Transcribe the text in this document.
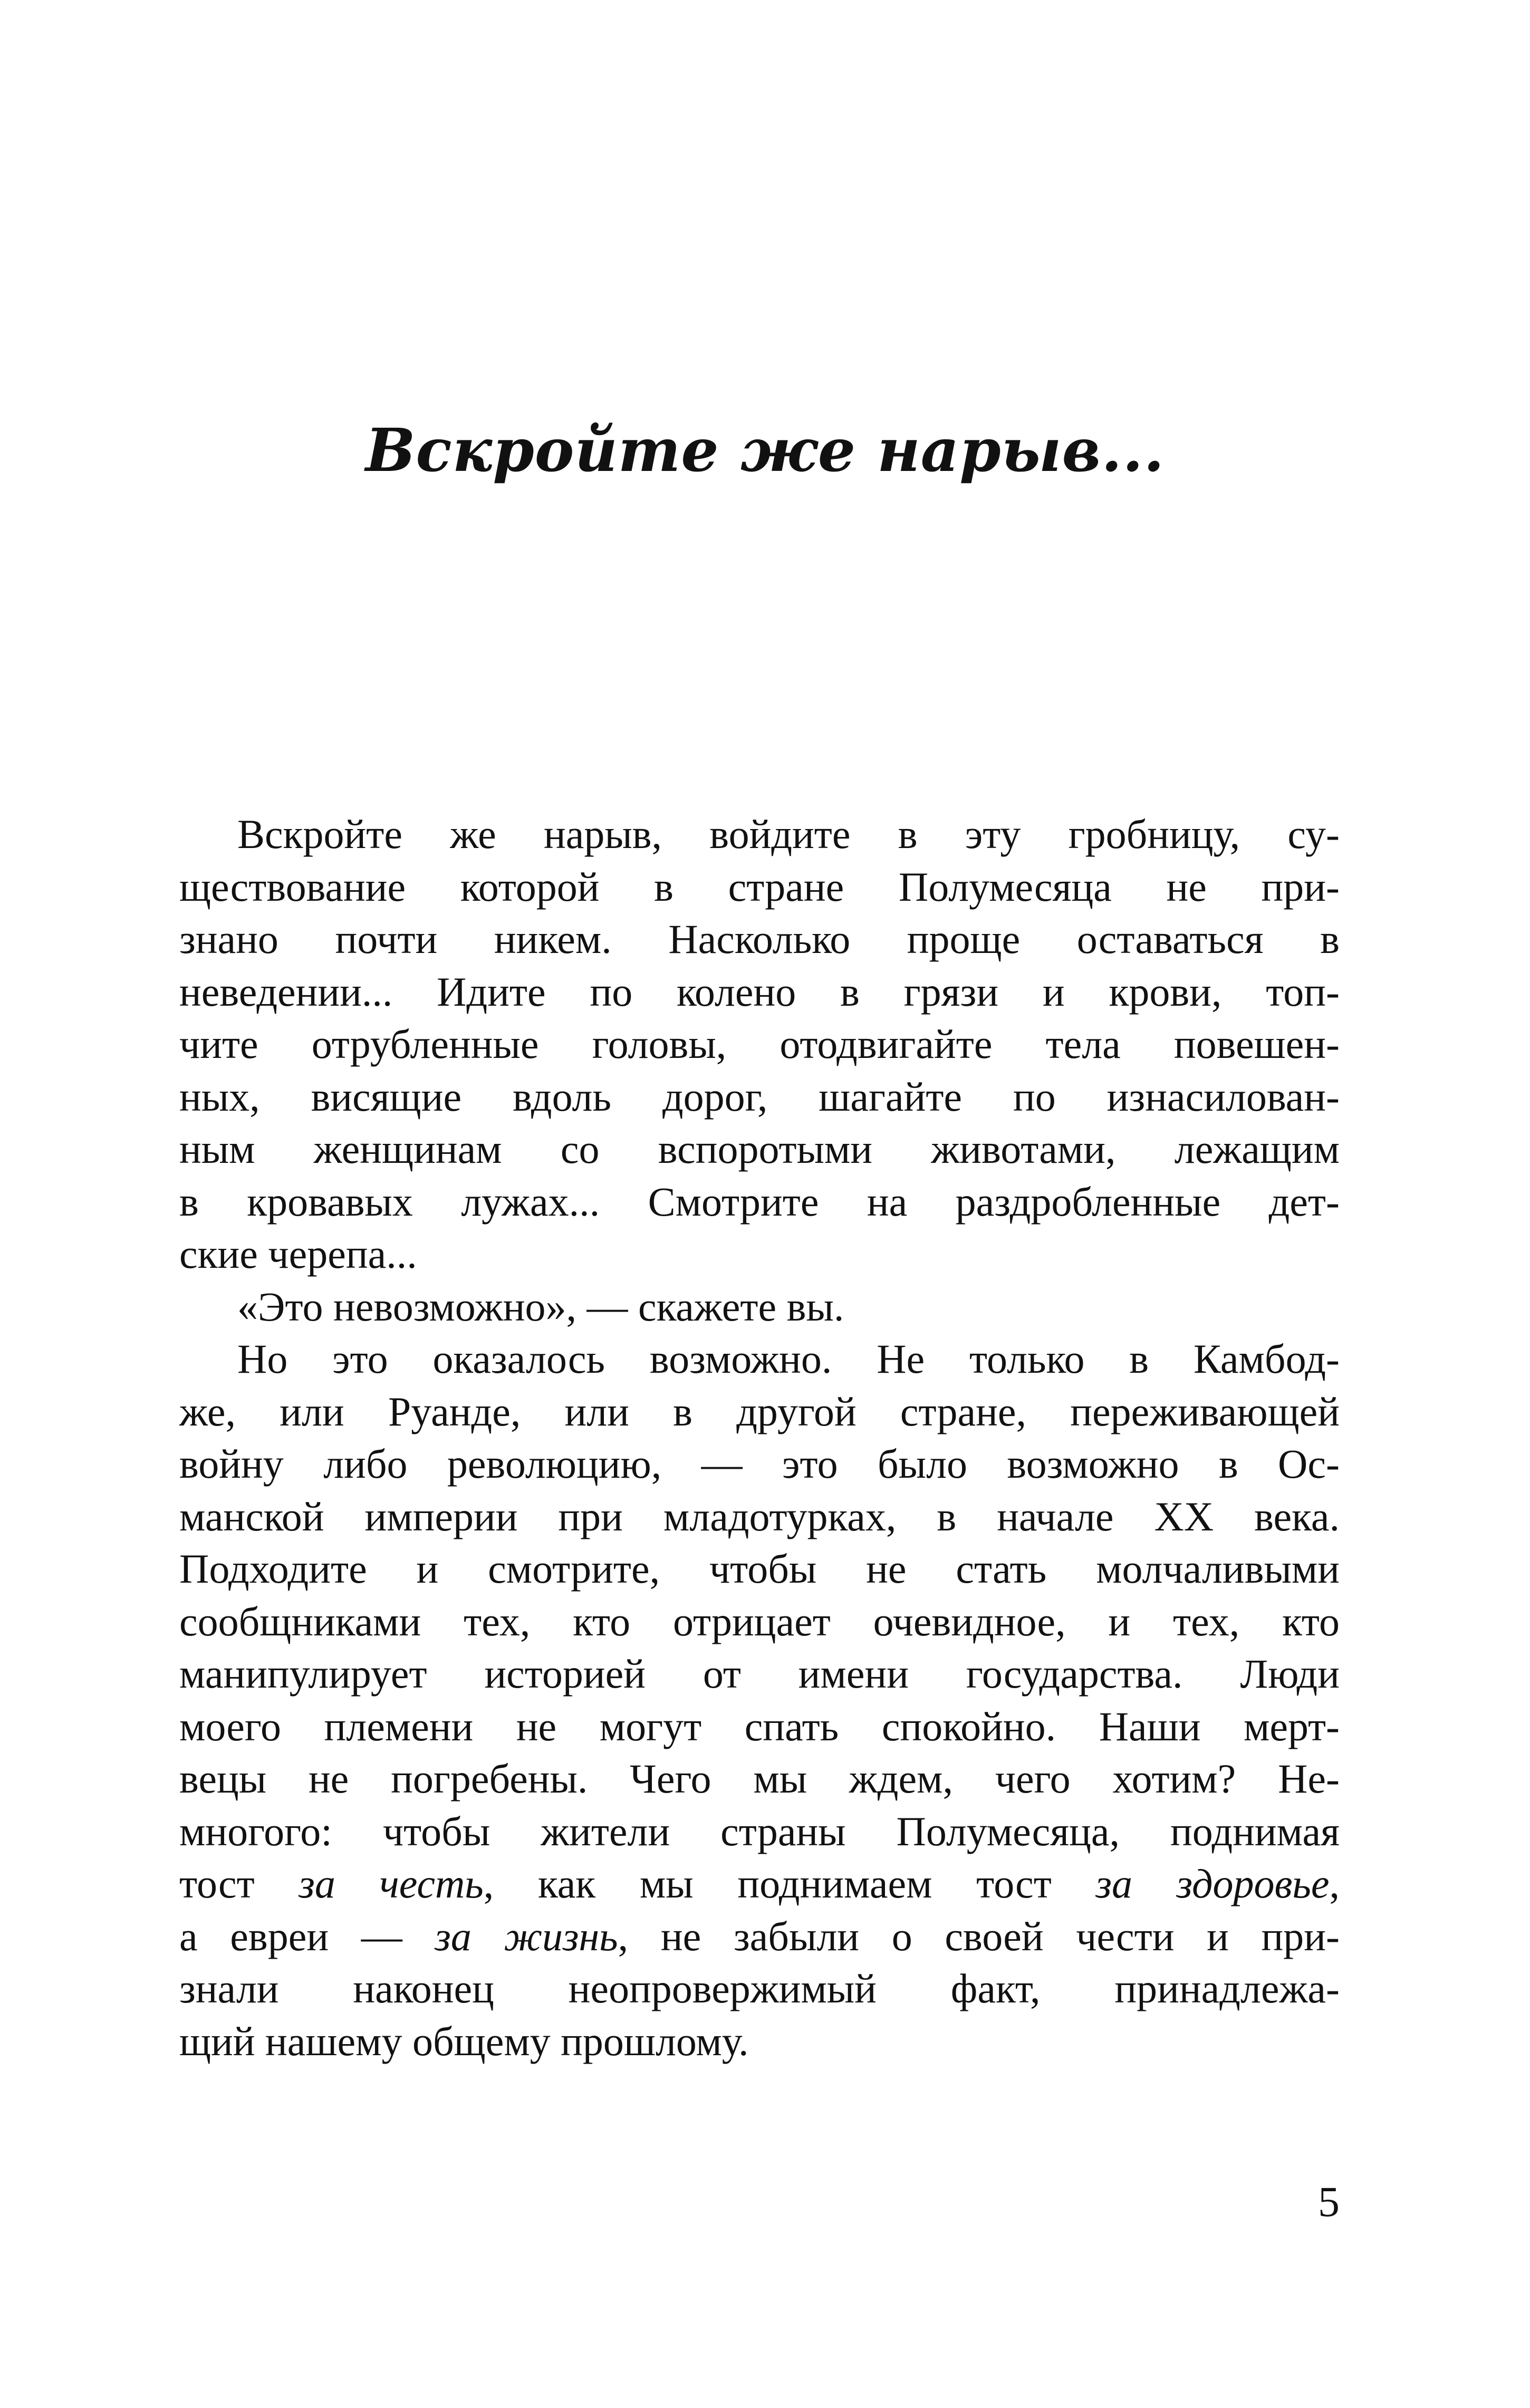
Вскройте же нарыв...
Вскройте же нарыв, войдите в эту гробницу, су-
ществование которой в стране Полумесяца не при-
знано почти никем. Насколько проще оставаться в
неведении... Идите по колено в грязи и крови, топ-
чите отрубленные головы, отодвигайте тела повешен-
ных, висящие вдоль дорог, шагайте по изнасилован-
ным женщинам со вспоротыми животами, лежащим
в кровавых лужах... Смотрите на раздробленные дет-
ские черепа...
«Это невозможно», — скажете вы.
Но это оказалось возможно. Не только в Камбод-
же, или Руанде, или в другой стране, переживающей
войну либо революцию, — это было возможно в Ос-
манской империи при младотурках, в начале XX века.
Подходите и смотрите, чтобы не стать молчаливыми
сообщниками тех, кто отрицает очевидное, и тех, кто
манипулирует историей от имени государства. Люди
моего племени не могут спать спокойно. Наши мерт-
вецы не погребены. Чего мы ждем, чего хотим? Не-
многого: чтобы жители страны Полумесяца, поднимая
тост за честь, как мы поднимаем тост за здоровье,
а евреи — за жизнь, не забыли о своей чести и при-
знали наконец неопровержимый факт, принадлежа-
щий нашему общему прошлому.
5
